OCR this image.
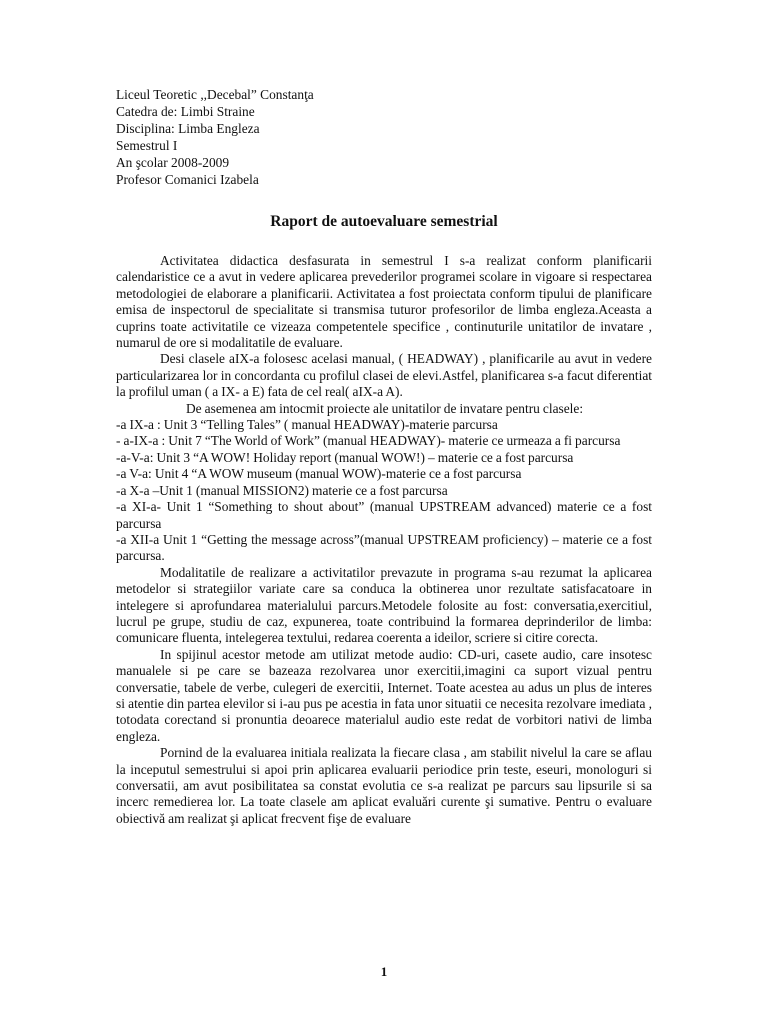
Liceul Teoretic ,,Decebal” Constanţa

Catedra de: Limbi Straine

Disciplina: Limba Engleza

Semestrul I

An şcolar 2008-2009

Profesor Comanici Izabela

Raport de autoevaluare semestrial

Activitatea didactica desfasurata in semestrul I s-a realizat conform planificarii calendaristice ce a avut in vedere aplicarea prevederilor programei scolare in vigoare si respectarea metodologiei de elaborare a planificarii. Activitatea a fost proiectata conform tipului de planificare emisa de inspectorul de specialitate si transmisa tuturor profesorilor de limba engleza.Aceasta a cuprins toate activitatile ce vizeaza competentele specifice , continuturile unitatilor de invatare , numarul de ore si modalitatile de evaluare.

Desi clasele aIX-a folosesc acelasi manual, ( HEADWAY) , planificarile au avut in vedere particularizarea lor in concordanta cu profilul clasei de elevi.Astfel, planificarea s-a facut diferentiat la profilul uman ( a IX- a E) fata de cel real( aIX-a A).

De asemenea am intocmit proiecte ale unitatilor de invatare pentru clasele:

-a IX-a : Unit 3 “Telling Tales” ( manual HEADWAY)-materie parcursa

- a-IX-a : Unit 7 “The World of Work” (manual HEADWAY)- materie ce urmeaza a fi parcursa

-a-V-a: Unit 3 “A WOW! Holiday report (manual WOW!) – materie ce a fost parcursa

-a V-a: Unit 4 “A WOW museum (manual WOW)-materie ce a fost parcursa

-a X-a –Unit 1 (manual MISSION2) materie ce a fost parcursa

-a XI-a- Unit 1 “Something to shout about” (manual UPSTREAM advanced) materie ce a fost parcursa

-a XII-a Unit 1 “Getting the message across”(manual UPSTREAM proficiency) – materie ce a fost parcursa.

Modalitatile de realizare a activitatilor prevazute in programa s-au rezumat la aplicarea metodelor si strategiilor variate care sa conduca la obtinerea unor rezultate satisfacatoare in intelegere si aprofundarea materialului parcurs.Metodele folosite au fost: conversatia,exercitiul, lucrul pe grupe, studiu de caz, expunerea, toate contribuind la formarea deprinderilor de limba: comunicare fluenta, intelegerea textului, redarea coerenta a ideilor, scriere si citire corecta.

In spijinul acestor metode am utilizat metode audio: CD-uri, casete audio, care insotesc manualele si pe care se bazeaza rezolvarea unor exercitii,imagini ca suport vizual pentru conversatie, tabele de verbe, culegeri de exercitii, Internet. Toate acestea au adus un plus de interes si atentie din partea elevilor si i-au pus pe acestia in fata unor situatii ce necesita rezolvare imediata , totodata corectand si pronuntia deoarece materialul audio este redat de vorbitori nativi de limba engleza.

Pornind de la evaluarea initiala realizata la fiecare clasa , am stabilit nivelul la care se aflau la inceputul semestrului si apoi prin aplicarea evaluarii periodice prin teste, eseuri, monologuri si conversatii, am avut posibilitatea sa constat evolutia ce s-a realizat pe parcurs sau lipsurile si sa incerc remedierea lor. La toate clasele am aplicat evaluări curente şi sumative. Pentru o evaluare obiectivă am realizat şi aplicat frecvent fişe de evaluare

1
